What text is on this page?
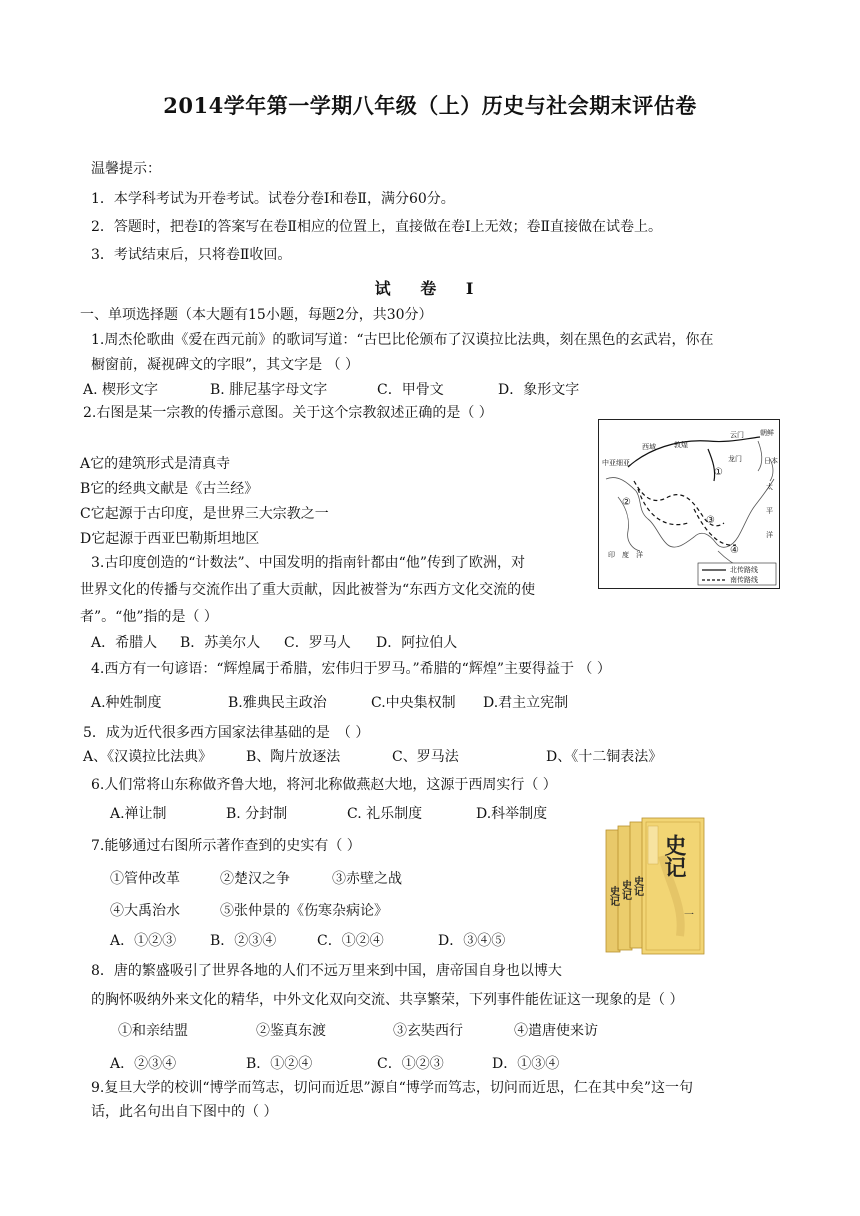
2014学年第一学期八年级（上）历史与社会期末评估卷
温馨提示：
1．本学科考试为开卷考试。试卷分卷Ⅰ和卷Ⅱ，满分60分。
2．答题时，把卷Ⅰ的答案写在卷Ⅱ相应的位置上，直接做在卷Ⅰ上无效；卷Ⅱ直接做在试卷上。
3．考试结束后，只将卷Ⅱ收回。
试 卷 Ⅰ
一、单项选择题（本大题有15小题，每题2分，共30分）
1.周杰伦歌曲《爱在西元前》的歌词写道：“古巴比伦颁布了汉谟拉比法典，刻在黑色的玄武岩，你在
橱窗前，凝视碑文的字眼”，其文字是 （ ）
A. 楔形文字	B. 腓尼基字母文字	C．甲骨文	D．象形文字
2.右图是某一宗教的传播示意图。关于这个宗教叙述正确的是（ ）
A它的建筑形式是清真寺
B它的经典文献是《古兰经》
C它起源于古印度，是世界三大宗教之一
D它起源于西亚巴勒斯坦地区
朝鲜
云门
西域	敦煌
中亚细亚	日本
龙门
太
平
洋
印　度　洋
①
②
③
④
北传路线
南传路线
3.古印度创造的“计数法”、中国发明的指南针都由“他”传到了欧洲，对
世界文化的传播与交流作出了重大贡献，因此被誉为“东西方文化交流的使
者”。“他”指的是（ ）
A．希腊人 B．苏美尔人 C．罗马人 D．阿拉伯人
4.西方有一句谚语：“辉煌属于希腊，宏伟归于罗马。”希腊的“辉煌”主要得益于 （ ）
A.种姓制度	B.雅典民主政治	C.中央集权制 D.君主立宪制
5．成为近代很多西方国家法律基础的是　（ ）
A、《汉谟拉比法典》 B、陶片放逐法	C、罗马法	D、《十二铜表法》
6.人们常将山东称做齐鲁大地，将河北称做燕赵大地，这源于西周实行（ ）
A.禅让制	B. 分封制	C. 礼乐制度	D.科举制度
史记
一
史记 史记 史记
7.能够通过右图所示著作查到的史实有（ ）
①管仲改革	②楚汉之争	③赤壁之战
④大禹治水	⑤张仲景的《伤寒杂病论》
A．①②③ B．②③④	C．①②④	D．③④⑤
8．唐的繁盛吸引了世界各地的人们不远万里来到中国，唐帝国自身也以博大
的胸怀吸纳外来文化的精华，中外文化双向交流、共享繁荣，下列事件能佐证这一现象的是（ ）
①和亲结盟	②鉴真东渡	③玄奘西行	④遣唐使来访
A．②③④	B．①②④	C．①②③	D．①③④
9.复旦大学的校训“博学而笃志，切问而近思”源自“博学而笃志，切问而近思，仁在其中矣”这一句
话，此名句出自下图中的（ ）
